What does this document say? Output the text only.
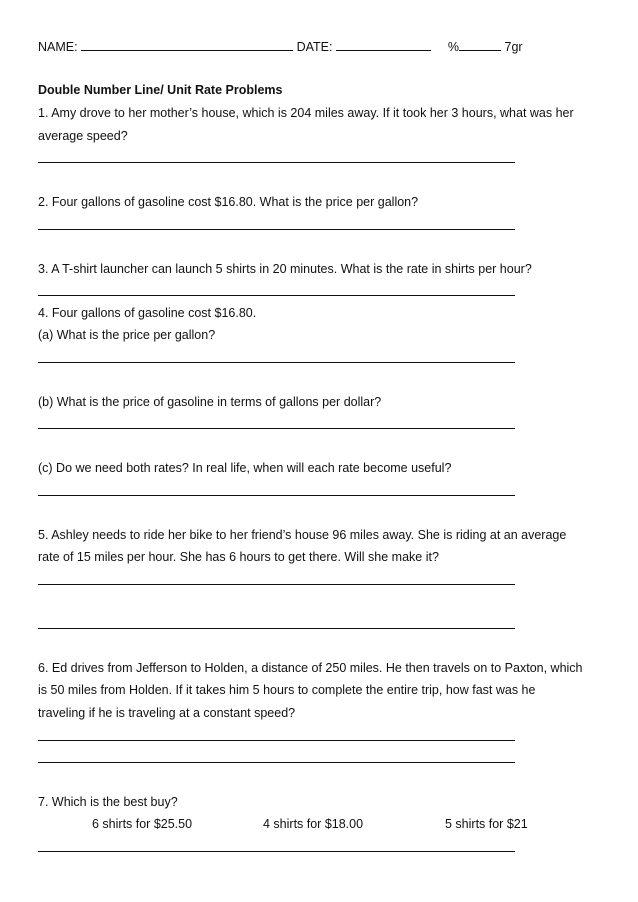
NAME:	DATE:	%	7gr
Double Number Line/ Unit Rate Problems
1. Amy drove to her mother’s house, which is 204 miles away. If it took her 3 hours, what was her
average speed?
2. Four gallons of gasoline cost $16.80. What is the price per gallon?
3. A T-shirt launcher can launch 5 shirts in 20 minutes. What is the rate in shirts per hour?
4. Four gallons of gasoline cost $16.80.
(a) What is the price per gallon?
(b) What is the price of gasoline in terms of gallons per dollar?
(c) Do we need both rates? In real life, when will each rate become useful?
5. Ashley needs to ride her bike to her friend’s house 96 miles away. She is riding at an average
rate of 15 miles per hour. She has 6 hours to get there. Will she make it?
6. Ed drives from Jefferson to Holden, a distance of 250 miles. He then travels on to Paxton, which
is 50 miles from Holden. If it takes him 5 hours to complete the entire trip, how fast was he
traveling if he is traveling at a constant speed?
7. Which is the best buy?
6 shirts for $25.50	4 shirts for $18.00	5 shirts for $21
